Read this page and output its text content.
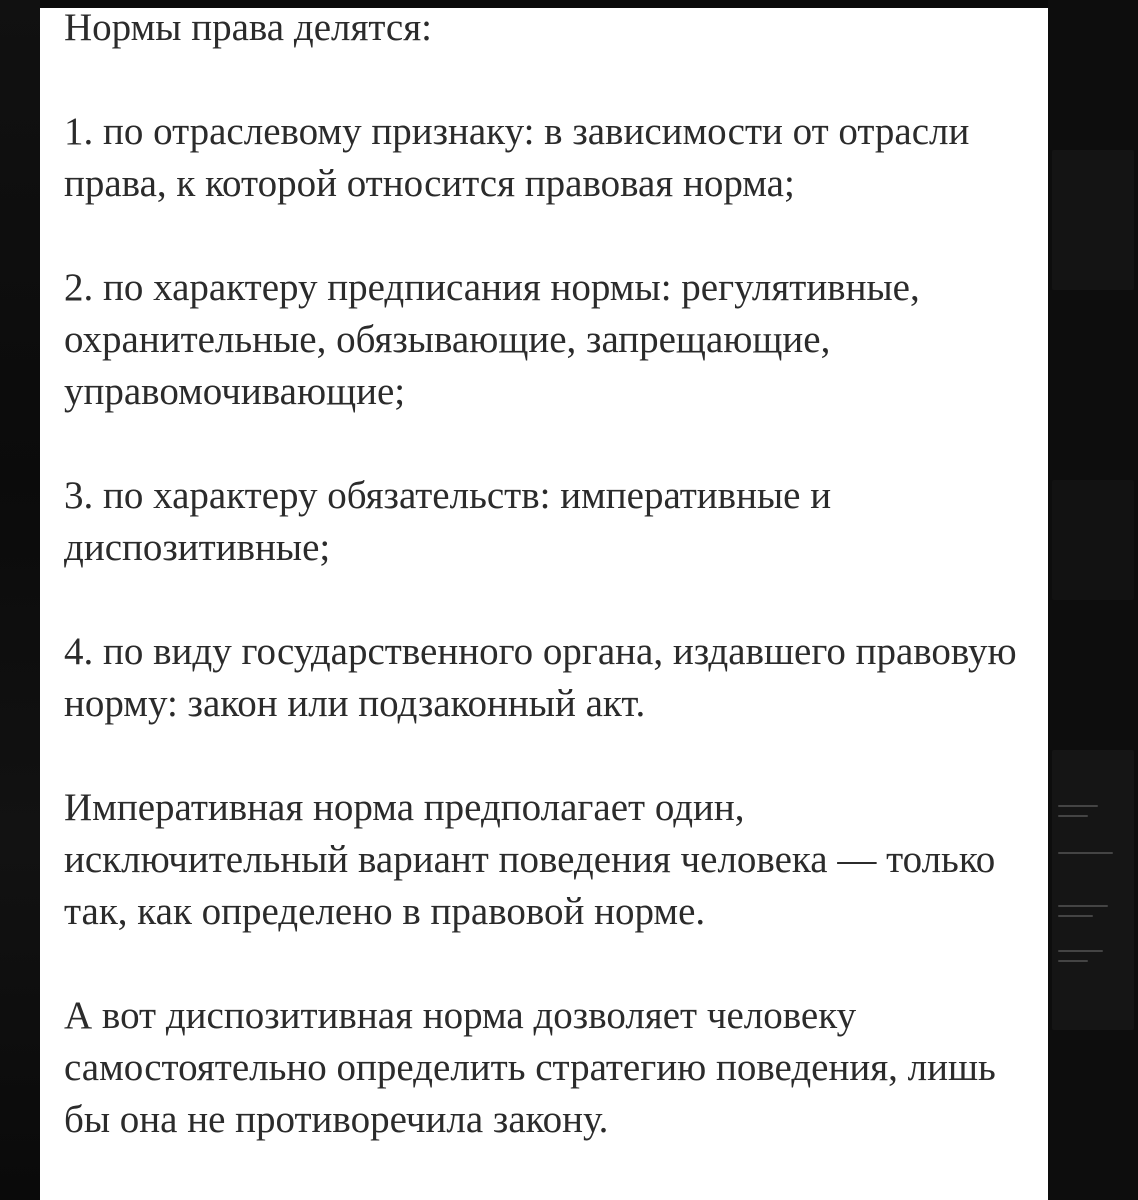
Нормы права делятся:

1. по отраслевому признаку: в зависимости от отрасли права, к которой относится правовая норма;

2. по характеру предписания нормы: регулятивные, охранительные, обязывающие, запрещающие, управомочивающие;

3. по характеру обязательств: императивные и диспозитивные;

4. по виду государственного органа, издавшего правовую норму: закон или подзаконный акт.

Императивная норма предполагает один, исключительный вариант поведения человека — только так, как определено в правовой норме.

А вот диспозитивная норма дозволяет человеку самостоятельно определить стратегию поведения, лишь бы она не противоречила закону.
